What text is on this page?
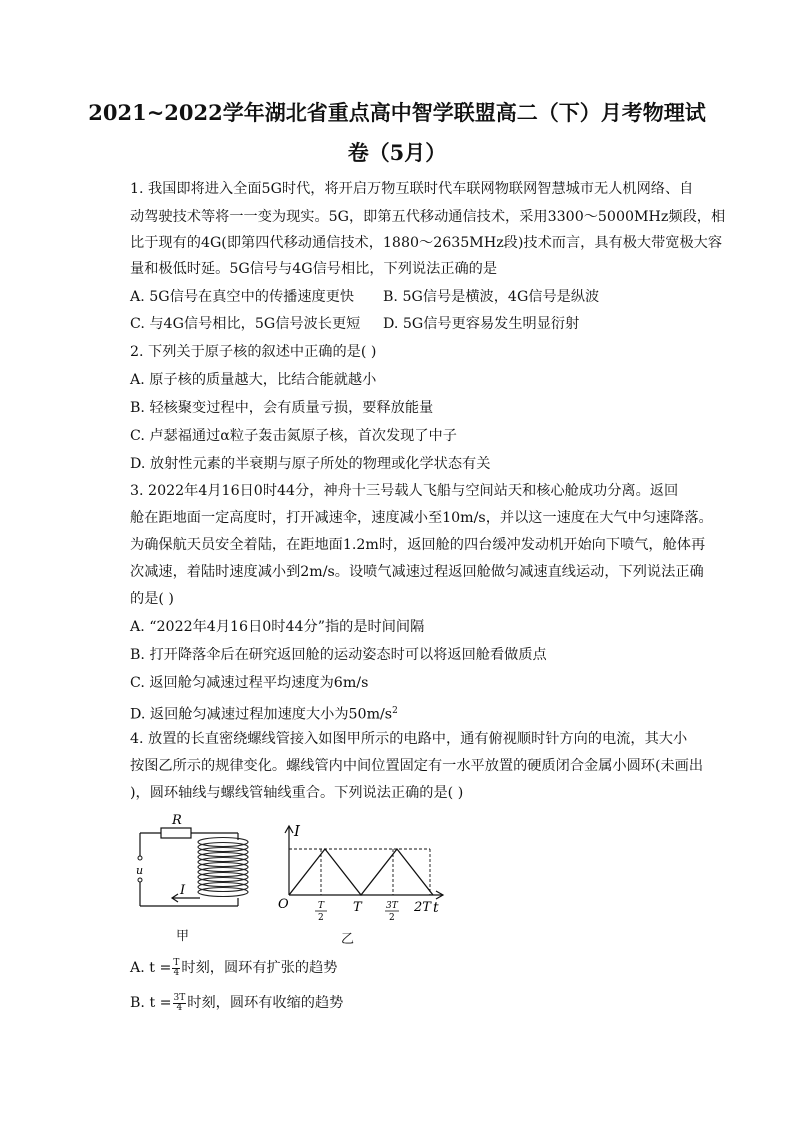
2021~2022学年湖北省重点高中智学联盟高二（下）月考物理试
卷（5月）
1. 我国即将进入全面5G时代，将开启万物互联时代车联网物联网智慧城市无人机网络、自
动驾驶技术等将一一变为现实。5G，即第五代移动通信技术，采用3300～5000MHz频段，相
比于现有的4G(即第四代移动通信技术，1880～2635MHz段)技术而言，具有极大带宽极大容
量和极低时延。5G信号与4G信号相比，下列说法正确的是
A. 5G信号在真空中的传播速度更快 B. 5G信号是横波，4G信号是纵波
C. 与4G信号相比，5G信号波长更短 D. 5G信号更容易发生明显衍射
2. 下列关于原子核的叙述中正确的是( )
A. 原子核的质量越大，比结合能就越小
B. 轻核聚变过程中，会有质量亏损，要释放能量
C. 卢瑟福通过α粒子轰击氮原子核，首次发现了中子
D. 放射性元素的半衰期与原子所处的物理或化学状态有关
3. 2022年4月16日0时44分，神舟十三号载人飞船与空间站天和核心舱成功分离。返回
舱在距地面一定高度时，打开减速伞，速度减小至10m/s，并以这一速度在大气中匀速降落。
为确保航天员安全着陆，在距地面1.2m时，返回舱的四台缓冲发动机开始向下喷气，舱体再
次减速，着陆时速度减小到2m/s。设喷气减速过程返回舱做匀减速直线运动，下列说法正确
的是( )
A. “2022年4月16日0时44分”指的是时间间隔
B. 打开降落伞后在研究返回舱的运动姿态时可以将返回舱看做质点
C. 返回舱匀减速过程平均速度为6m/s
D. 返回舱匀减速过程加速度大小为$50m/s^2$
4. 放置的长直密绕螺线管接入如图甲所示的电路中，通有俯视顺时针方向的电流，其大小
按图乙所示的规律变化。螺线管内中间位置固定有一水平放置的硬质闭合金属小圆环(未画出
)，圆环轴线与螺线管轴线重合。下列说法正确的是( )
R
u
I
I
O	t
T
2
T	3T
2
2T
甲	乙
A. $t = \frac{T}{4}$ 时刻，圆环有扩张的趋势
B. $t = \frac{3T}{4}$ 时刻，圆环有收缩的趋势
